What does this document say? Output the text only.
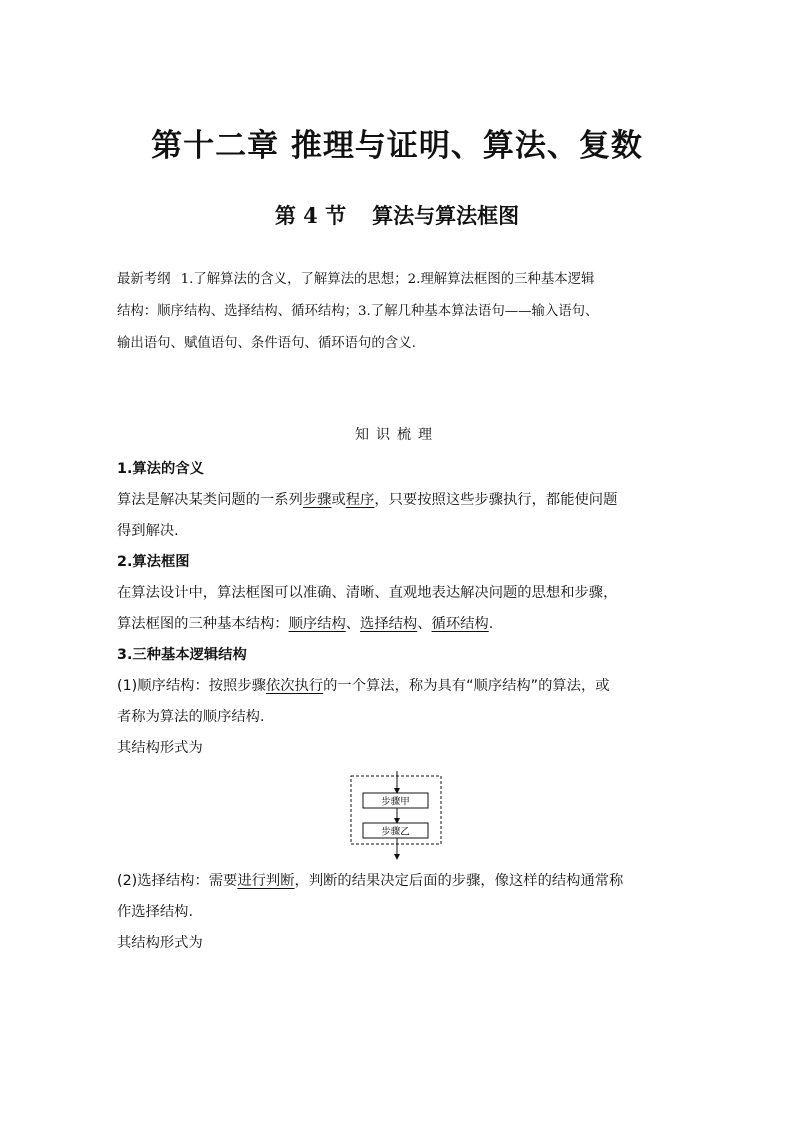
第十二章 推理与证明、算法、复数
第 4 节 算法与算法框图
最新考纲 1.了解算法的含义，了解算法的思想；2.理解算法框图的三种基本逻辑
结构：顺序结构、选择结构、循环结构；3.了解几种基本算法语句——输入语句、
输出语句、赋值语句、条件语句、循环语句的含义.
知识梳理
1.算法的含义
算法是解决某类问题的一系列步骤或程序，只要按照这些步骤执行，都能使问题
得到解决.
2.算法框图
在算法设计中，算法框图可以准确、清晰、直观地表达解决问题的思想和步骤，
算法框图的三种基本结构：顺序结构、选择结构、循环结构.
3.三种基本逻辑结构
(1)顺序结构：按照步骤依次执行的一个算法，称为具有“顺序结构”的算法，或
者称为算法的顺序结构.
其结构形式为
步骤甲
步骤乙
(2)选择结构：需要进行判断，判断的结果决定后面的步骤，像这样的结构通常称
作选择结构.
其结构形式为
